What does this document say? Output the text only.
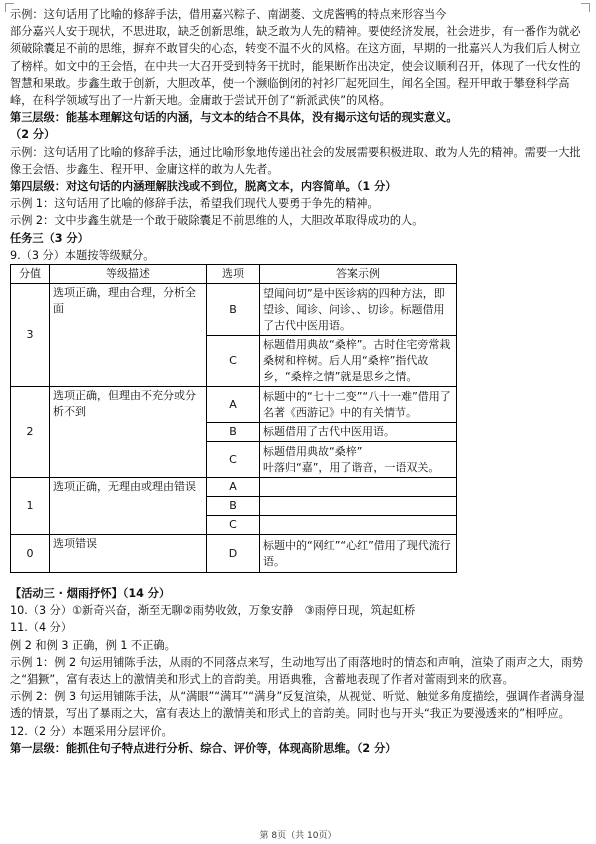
示例：这句话用了比喻的修辞手法，借用嘉兴粽子、南湖菱、文虎酱鸭的特点来形容当今

部分嘉兴人安于现状，不思进取，缺乏创新思维，缺乏敢为人先的精神。要使经济发展，社会进步，有一番作为就必须破除囊足不前的思维，摒弃不敢冒尖的心态，转变不温不火的风格。在这方面，早期的一批嘉兴人为我们后人树立了榜样。如文中的王会悟，在中共一大召开受到特务干扰时，能果断作出决定，使会议顺利召开，体现了一代女性的智慧和果敢。步鑫生敢于创新，大胆改革，使一个濒临倒闭的衬衫厂起死回生，闻名全国。程开甲敢于攀登科学高峰，在科学领域写出了一片新天地。金庸敢于尝试开创了“新派武侠”的风格。

第三层级：能基本理解这句话的内涵，与文本的结合不具体，没有揭示这句话的现实意义。

（2 分）

示例：这句话用了比喻的修辞手法，通过比喻形象地传递出社会的发展需要积极进取、敢为人先的精神。需要一大批像王会悟、步鑫生、程开甲、金庸这样的敢为人先者。

第四层级：对这句话的内涵理解肤浅或不到位，脱离文本，内容简单。（1 分）

示例 1：这句话用了比喻的修辞手法，希望我们现代人要勇于争先的精神。

示例 2：文中步鑫生就是一个敢于破除囊足不前思维的人，大胆改革取得成功的人。

任务三（3 分）

9.（3 分）本题按等级赋分。

分值	等级描述	选项	答案示例
3	选项正确，理由合理，分析全面	B	望闻问切”是中医诊病的四种方法，即望诊、闻诊、问诊、、切诊。标题借用了古代中医用语。
		C	标题借用典故“桑梓”。古时住宅旁常栽桑树和梓树。后人用“桑梓”指代故乡，“桑梓之情”就是思乡之情。
2	选项正确，但理由不充分或分析不到	A	标题中的“七十二变”“八十一难”借用了名著《西游记》中的有关情节。
		B	标题借用了古代中医用语。
		C	标题借用典故“桑梓”
叶落归“嘉”，用了谐音，一语双关。
1	选项正确，无理由或理由错误	A	
		B	
		C	
0	选项错误	D	标题中的“网红”“心红”借用了现代流行语。

【活动三 · 烟雨抒怀】（14 分）

10.（3 分）①新奇兴奋，渐至无聊②雨势收敛，万象安静　③雨停日现，筑起虹桥

11.（4 分）

例 2 和例 3 正确，例 1 不正确。

示例 1：例 2 句运用铺陈手法，从雨的不同落点来写，生动地写出了雨落地时的情态和声响，渲染了雨声之大，雨势之“猖獗”，富有表达上的激情美和形式上的音韵美。用语典雅，含蓄地表现了作者对蕾雨到来的欣喜。

示例 2：例 3 句运用铺陈手法，从“满眼”“满耳”“满身”反复渲染，从视觉、听觉、触觉多角度描绘，强调作者满身湿透的情景，写出了暴雨之大，富有表达上的激情美和形式上的音韵美。同时也与开头“我正为要漫透来的”相呼应。

12.（2 分）本题采用分层评价。

第一层级：能抓住句子特点进行分析、综合、评价等，体现高阶思维。（2 分）

第 8页（共 10页）
